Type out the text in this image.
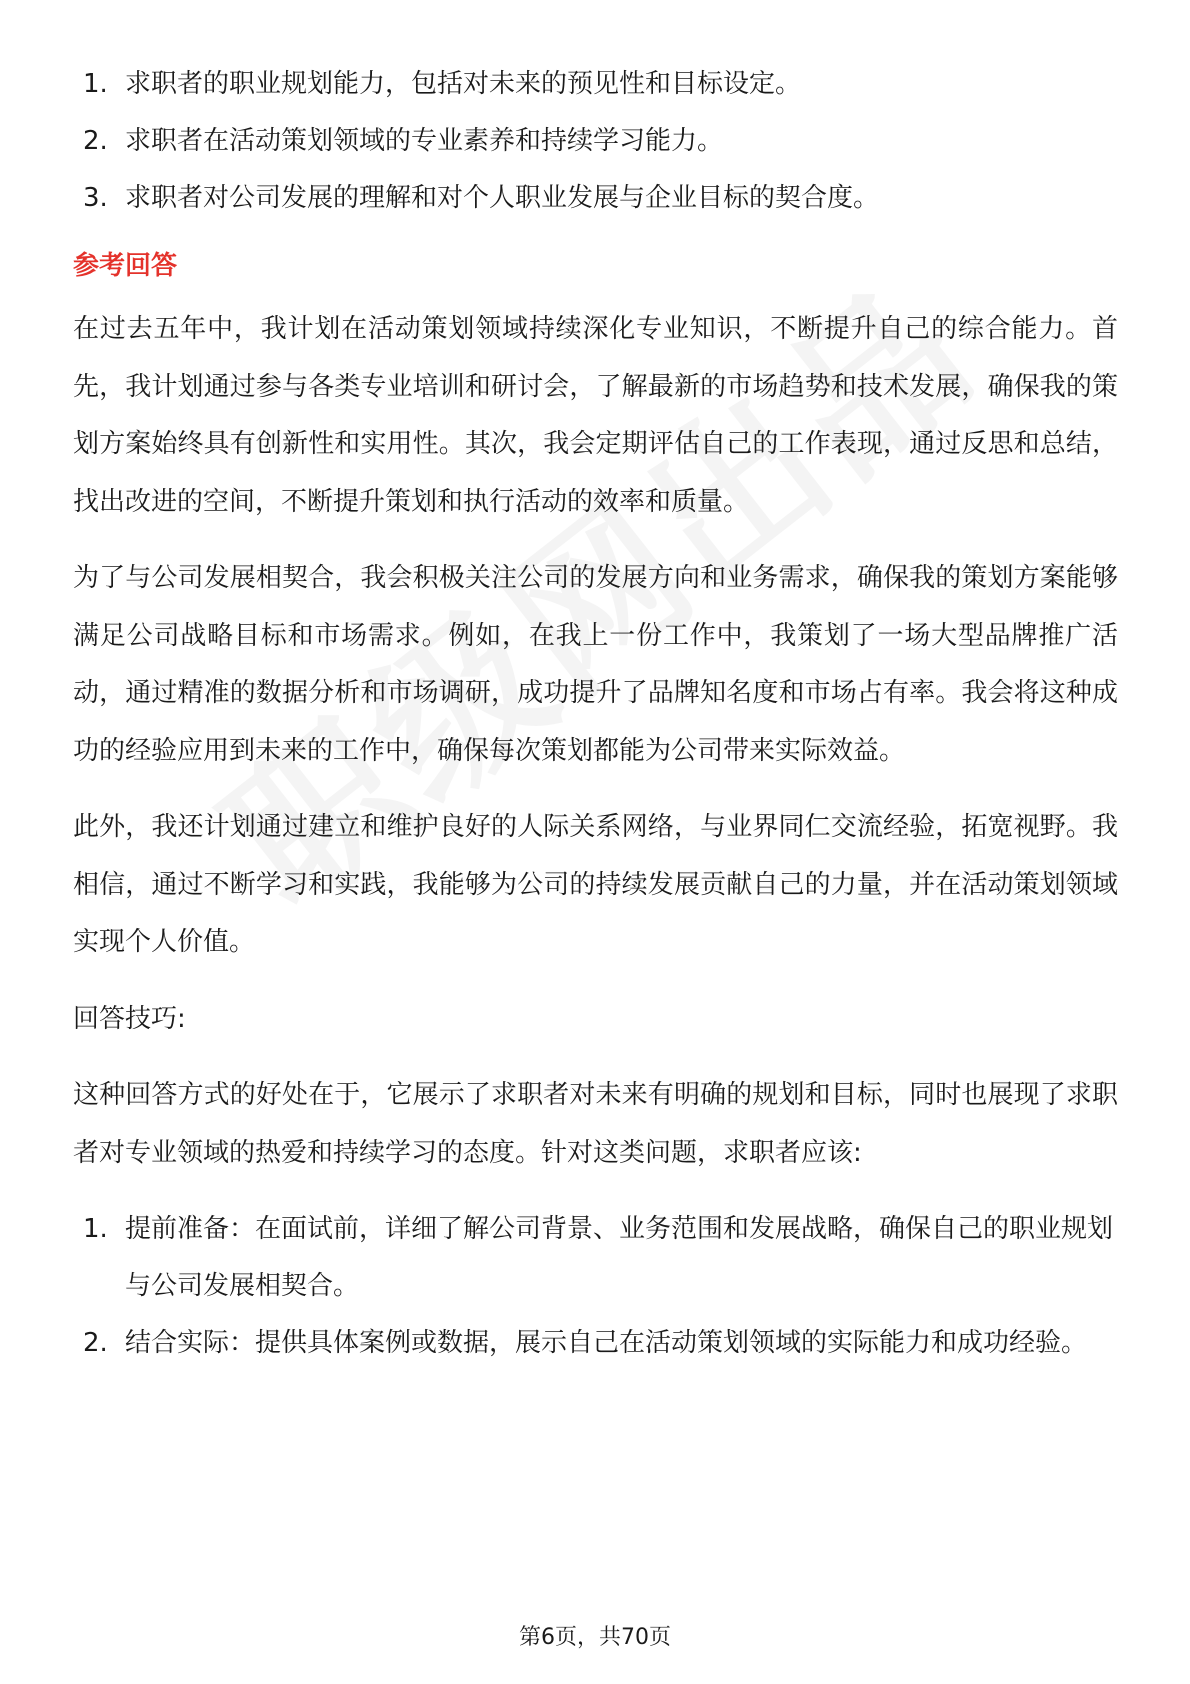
1. 求职者的职业规划能力，包括对未来的预见性和目标设定。
2. 求职者在活动策划领域的专业素养和持续学习能力。
3. 求职者对公司发展的理解和对个人职业发展与企业目标的契合度。
参考回答

在过去五年中，我计划在活动策划领域持续深化专业知识，不断提升自己的综合能力。首先，我计划通过参与各类专业培训和研讨会，了解最新的市场趋势和技术发展，确保我的策划方案始终具有创新性和实用性。其次，我会定期评估自己的工作表现，通过反思和总结，找出改进的空间，不断提升策划和执行活动的效率和质量。

为了与公司发展相契合，我会积极关注公司的发展方向和业务需求，确保我的策划方案能够满足公司战略目标和市场需求。例如，在我上一份工作中，我策划了一场大型品牌推广活动，通过精准的数据分析和市场调研，成功提升了品牌知名度和市场占有率。我会将这种成功的经验应用到未来的工作中，确保每次策划都能为公司带来实际效益。

此外，我还计划通过建立和维护良好的人际关系网络，与业界同仁交流经验，拓宽视野。我相信，通过不断学习和实践，我能够为公司的持续发展贡献自己的力量，并在活动策划领域实现个人价值。

回答技巧:

这种回答方式的好处在于，它展示了求职者对未来有明确的规划和目标，同时也展现了求职者对专业领域的热爱和持续学习的态度。针对这类问题，求职者应该:

1. 提前准备：在面试前，详细了解公司背景、业务范围和发展战略，确保自己的职业规划与公司发展相契合。
2. 结合实际：提供具体案例或数据，展示自己在活动策划领域的实际能力和成功经验。
第6页，共70页
